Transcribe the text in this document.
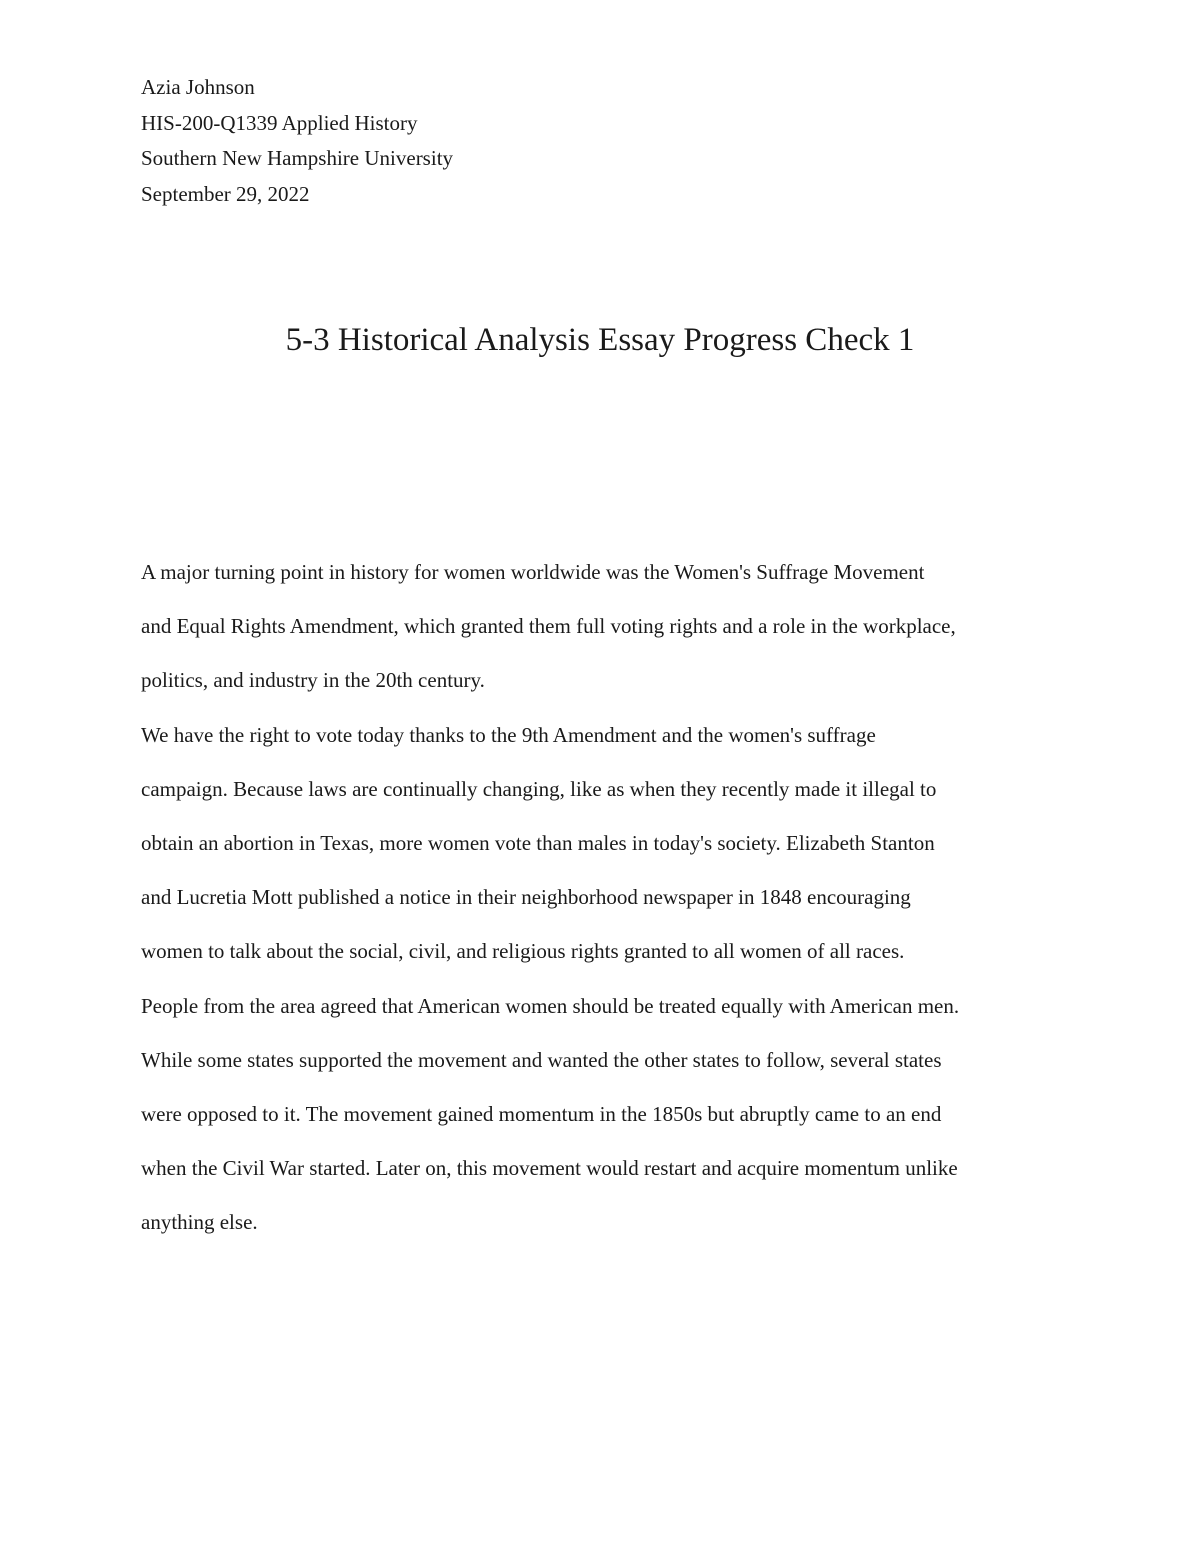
Azia Johnson
HIS-200-Q1339 Applied History
Southern New Hampshire University
September 29, 2022
5-3 Historical Analysis Essay Progress Check 1
A major turning point in history for women worldwide was the Women's Suffrage Movement
and Equal Rights Amendment, which granted them full voting rights and a role in the workplace,
politics, and industry in the 20th century.
We have the right to vote today thanks to the 9th Amendment and the women's suffrage
campaign. Because laws are continually changing, like as when they recently made it illegal to
obtain an abortion in Texas, more women vote than males in today's society. Elizabeth Stanton
and Lucretia Mott published a notice in their neighborhood newspaper in 1848 encouraging
women to talk about the social, civil, and religious rights granted to all women of all races.
People from the area agreed that American women should be treated equally with American men.
While some states supported the movement and wanted the other states to follow, several states
were opposed to it. The movement gained momentum in the 1850s but abruptly came to an end
when the Civil War started. Later on, this movement would restart and acquire momentum unlike
anything else.
